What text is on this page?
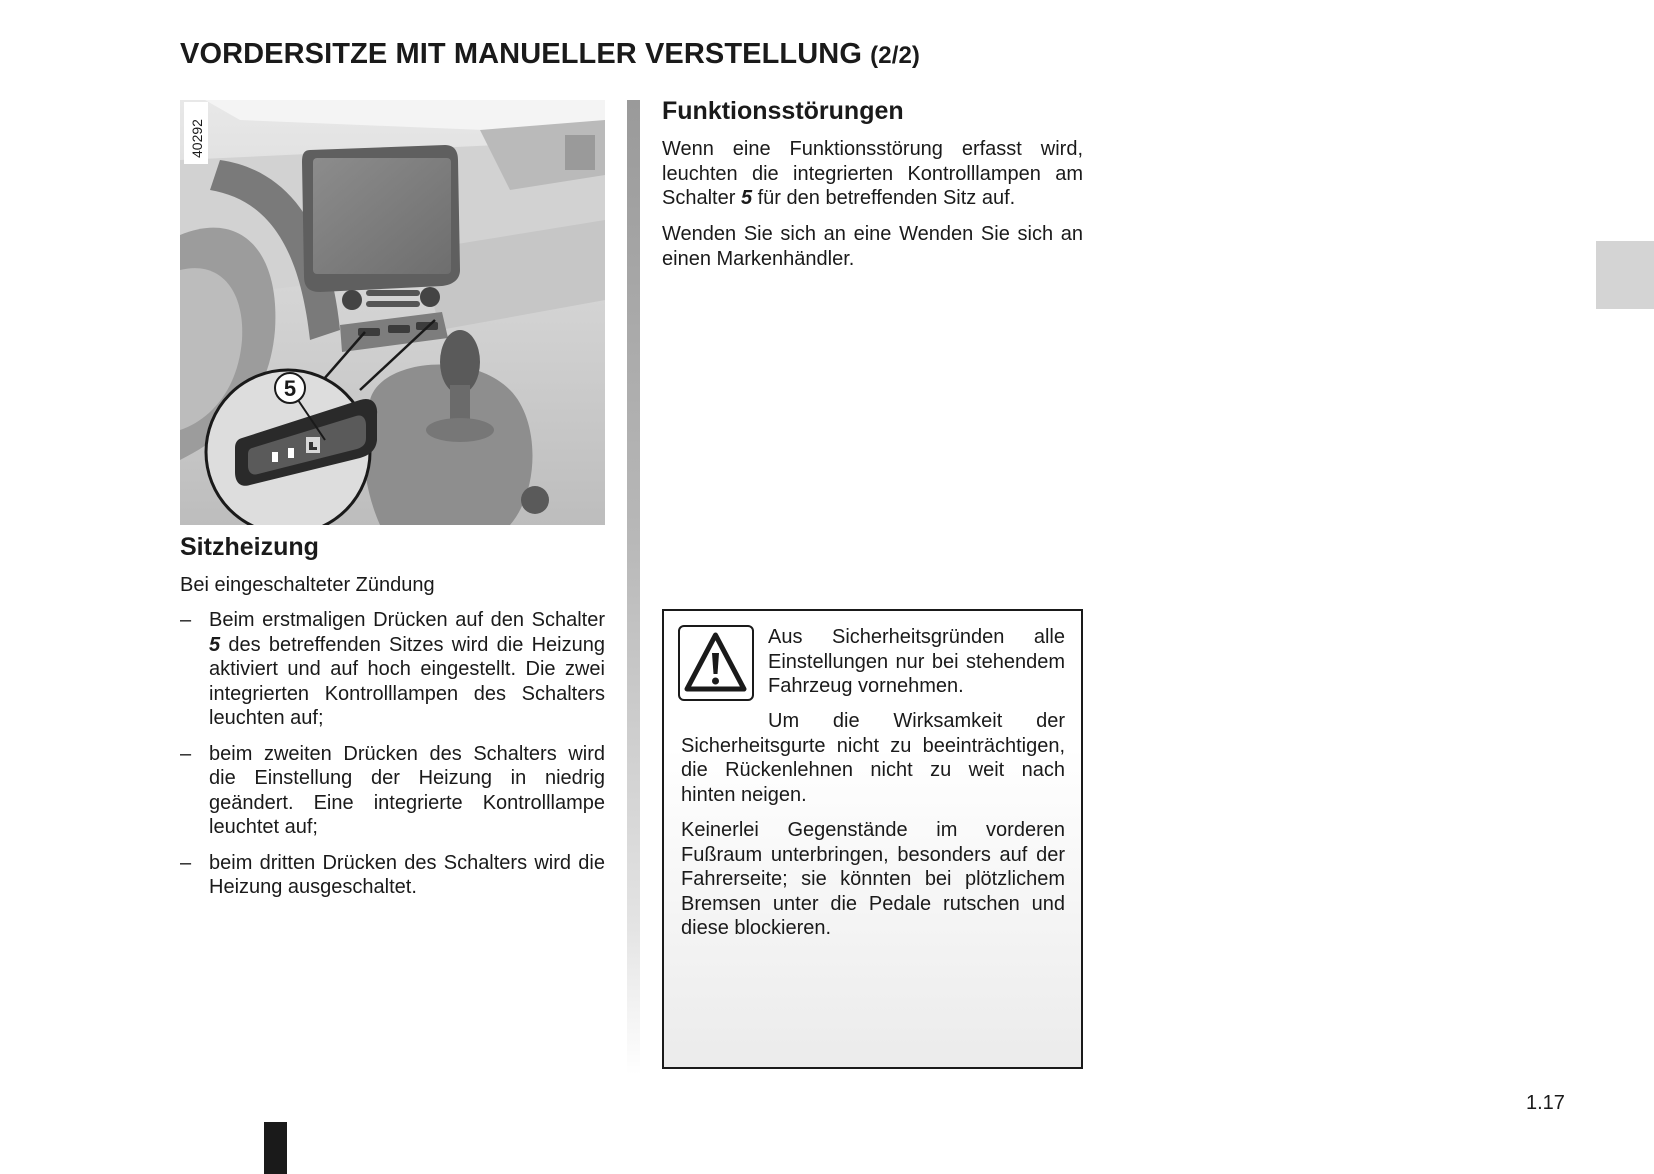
VORDERSITZE MIT MANUELLER VERSTELLUNG (2/2)
5
40292
Sitzheizung

Bei eingeschalteter Zündung

– Beim erstmaligen Drücken auf den Schalter 5 des betreffenden Sitzes wird die Heizung aktiviert und auf hoch eingestellt. Die zwei integrierten Kontrolllampen des Schalters leuchten auf;
– beim zweiten Drücken des Schalters wird die Einstellung der Heizung in niedrig geändert. Eine integrierte Kontrolllampe leuchtet auf;
– beim dritten Drücken des Schalters wird die Heizung ausgeschaltet.
Funktionsstörungen

Wenn eine Funktionsstörung erfasst wird, leuchten die integrierten Kontrolllampen am Schalter 5 für den betreffenden Sitz auf.

Wenden Sie sich an eine Wenden Sie sich an einen Markenhändler.

Aus Sicherheitsgründen alle Einstellungen nur bei stehendem Fahrzeug vornehmen.

Um die Wirksamkeit der Sicherheitsgurte nicht zu beeinträchtigen, die Rückenlehnen nicht zu weit nach hinten neigen.

Keinerlei Gegenstände im vorderen Fußraum unterbringen, besonders auf der Fahrerseite; sie könnten bei plötzlichem Bremsen unter die Pedale rutschen und diese blockieren.

1.17
